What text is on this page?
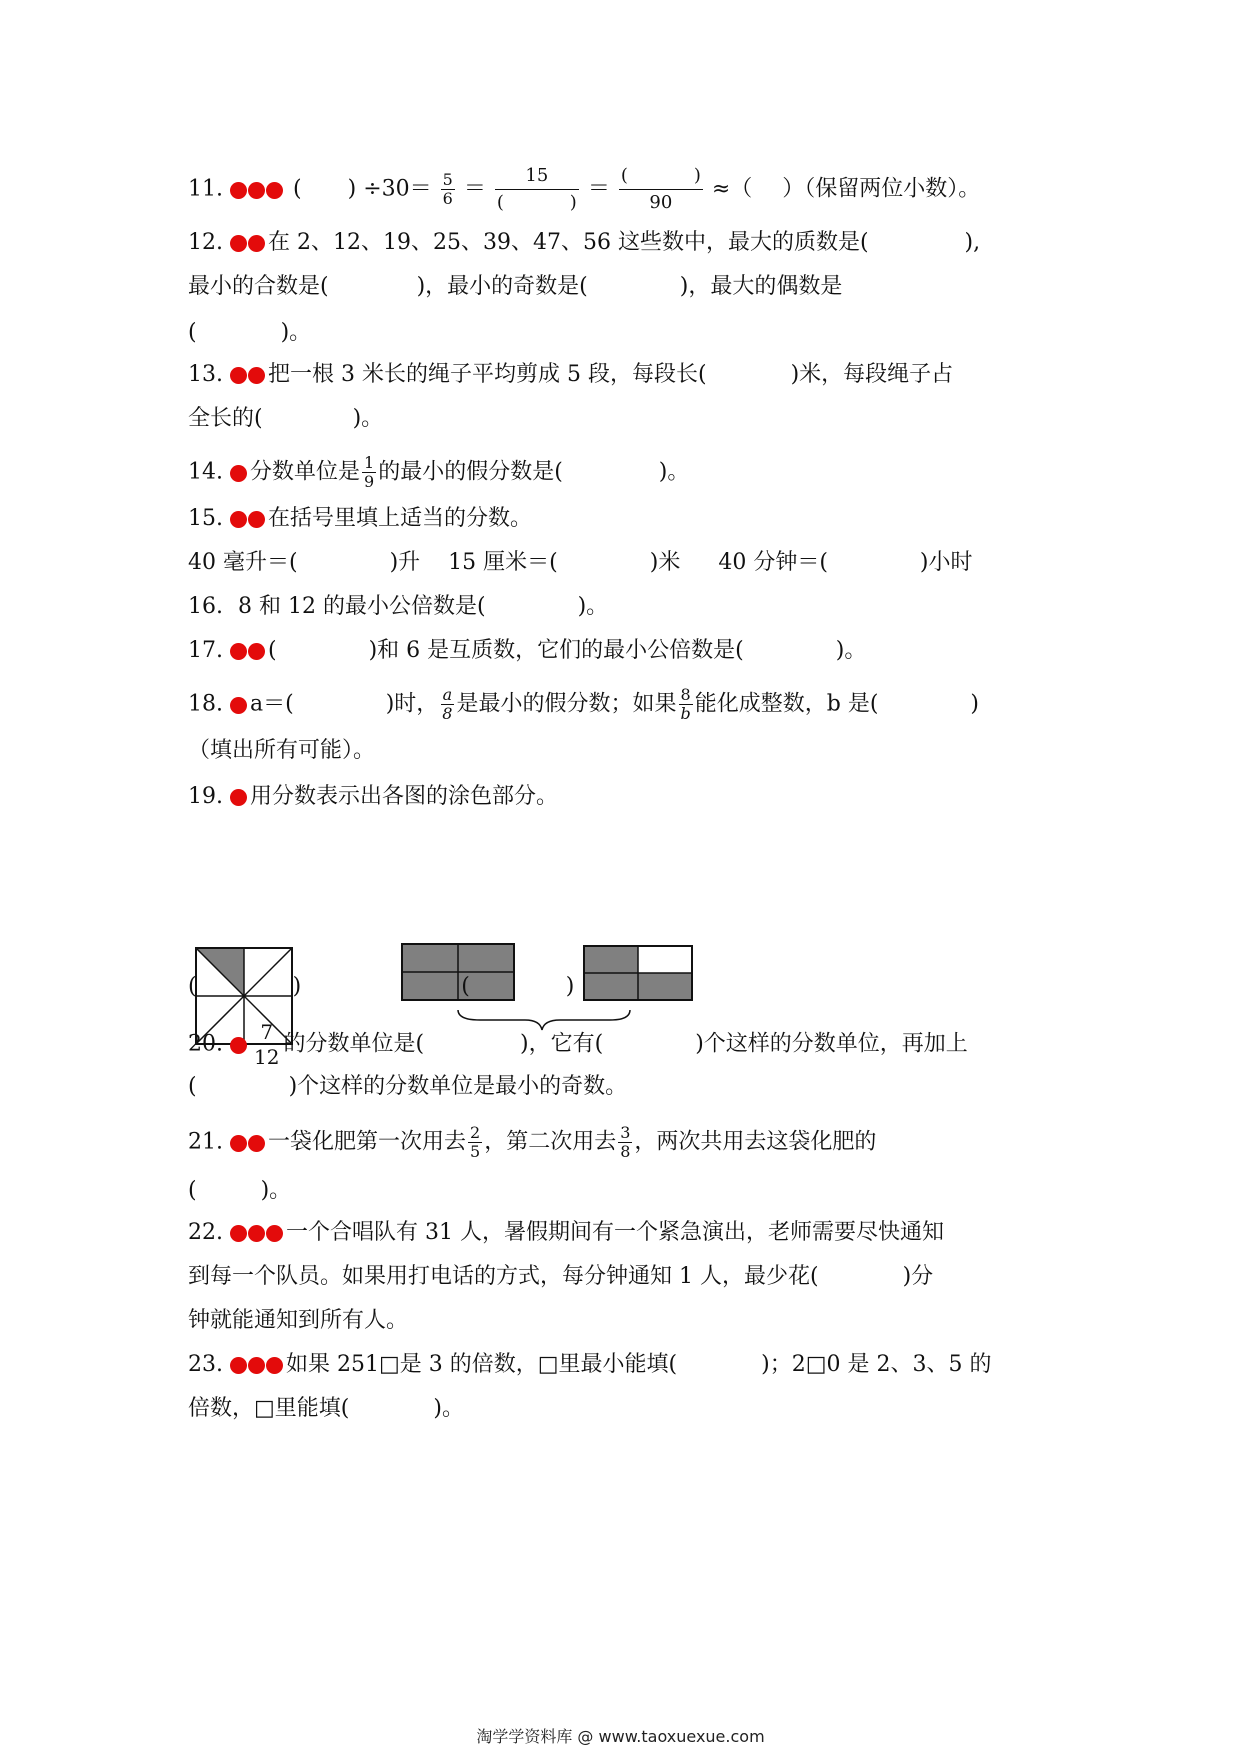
11.	( ) $\div 30= \frac{5}{6} = 15$
(	) ＝ (	)
90 ≈（ ）（保留两位小数）。
12. 在 2、12、19、25、39、47、56 这些数中，最大的质数是(	),
最小的合数是(	)，最小的奇数是(	)，最大的偶数是
(	)。
13. 把一根 3 米长的绳子平均剪成 5 段，每段长(	)米，每段绳子占
全长的(	)。
14. 分数单位是 $\frac{1}{9}$ 的最小的假分数是(	)。
15. 在括号里填上适当的分数。
40 毫升＝(	)升 15 厘米＝(	)米 40 分钟＝(	)小时
16. 8 和 12 的最小公倍数是(	)。
17. (	)和 6 是互质数，它们的最小公倍数是(	)。
18. a＝(	)时， $\frac{a}{8}$ 是最小的假分数；如果 $\frac{8}{b}$ 能化成整数，b 是(	)
（填出所有可能）。
19. 用分数表示出各图的涂色部分。
(	)	(	)
20. $\frac{7}{12}$ 的分数单位是(	)，它有(	)个这样的分数单位，再加上
(	)个这样的分数单位是最小的奇数。
21. 一袋化肥第一次用去 $\frac{2}{5}$ ，第二次用去 $\frac{3}{8}$ ，两次共用去这袋化肥的
(	)。
22.	一个合唱队有 31 人，暑假期间有一个紧急演出，老师需要尽快通知
到每一个队员。如果用打电话的方式，每分钟通知 1 人，最少花(	)分
钟就能通知到所有人。
23.	如果 251□是 3 的倍数，□里最小能填(	)；2□0 是 2、3、5 的
倍数，□里能填(	)。
淘学学资料库 @ www.taoxuexue.com
